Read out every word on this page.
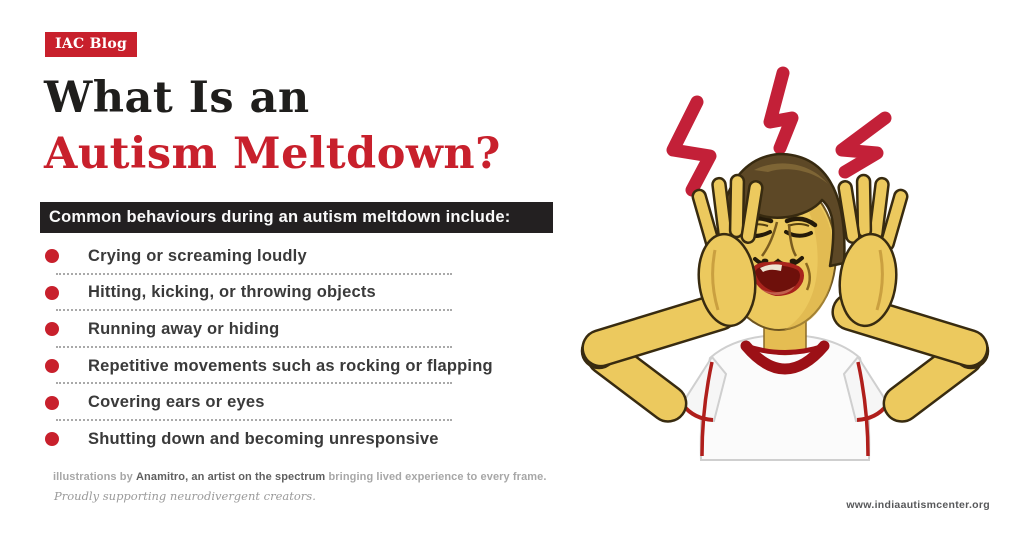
IAC Blog
What Is an
Autism Meltdown?
Common behaviours during an autism meltdown include:
Crying or screaming loudly
Hitting, kicking, or throwing objects
Running away or hiding
Repetitive movements such as rocking or flapping
Covering ears or eyes
Shutting down and becoming unresponsive
illustrations by Anamitro, an artist on the spectrum bringing lived experience to every frame.
Proudly supporting neurodivergent creators.
www.indiaautismcenter.org
